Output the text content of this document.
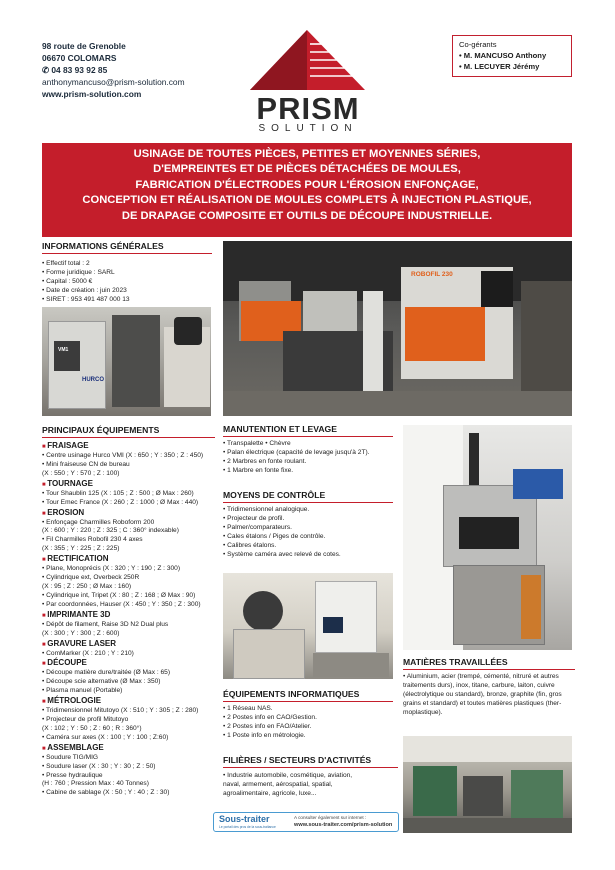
98 route de Grenoble
06670 COLOMARS
✆ 04 83 93 92 85
anthonymancuso@prism-solution.com
www.prism-solution.com	PRISM
SOLUTION
Co-gérants
• M. MANCUSO Anthony
• M. LECUYER Jérémy
USINAGE DE TOUTES PIÈCES, PETITES ET MOYENNES SÉRIES,
D'EMPREINTES ET DE PIÈCES DÉTACHÉES DE MOULES,
FABRICATION D'ÉLECTRODES POUR L'ÉROSION ENFONÇAGE,
CONCEPTION ET RÉALISATION DE MOULES COMPLETS À INJECTION PLASTIQUE,
DE DRAPAGE COMPOSITE ET OUTILS DE DÉCOUPE INDUSTRIELLE.
INFORMATIONS GÉNÉRALES
• Effectif total : 2
• Forme juridique : SARL
• Capital : 5000 €
• Date de création : juin 2023
• SIRET : 953 491 487 000 13
VM1
HURCO
ROBOFIL 230
PRINCIPAUX ÉQUIPEMENTS
■ FRAISAGE
• Centre usinage Hurco VMI (X : 650 ; Y : 350 ; Z : 450)
• Mini fraiseuse CN de bureau
(X : 550 ; Y : 570 ; Z : 100)
■ TOURNAGE
• Tour Shaublin 125 (X : 105 ; Z : 500 ; Ø Max : 260)
• Tour Emec France (X : 260 ; Z : 1000 ; Ø Max : 440)
■ EROSION
• Enfonçage Charmilles Roboform 200
(X : 600 ; Y : 220 ; Z : 325 ; C : 360° indexable)
• Fil Charmilles Robofil 230 4 axes
(X : 355 ; Y : 225 ; Z : 225)
■ RECTIFICATION
• Plane, Monoprécis (X : 320 ; Y : 190 ; Z : 300)
• Cylindrique ext, Overbeck 250R
(X : 95 ; Z : 250 ; Ø Max : 160)
• Cylindrique int, Tripet (X : 80 ; Z : 168 ; Ø Max : 90)
• Par coordonnées, Hauser (X : 450 ; Y : 350 ; Z : 300)
■ IMPRIMANTE 3D
• Dépôt de filament, Raise 3D N2 Dual plus
(X : 300 ; Y : 300 ; Z : 600)
■ GRAVURE LASER
• ComMarker (X : 210 ; Y : 210)
■ DÉCOUPE
• Découpe matière dure/traitée (Ø Max : 65)
• Découpe scie alternative (Ø Max : 350)
• Plasma manuel (Portable)
■ MÉTROLOGIE
• Tridimensionnel Mitutoyo (X : 510 ; Y : 305 ; Z : 280)
• Projecteur de profil Mitutoyo
(X : 102 ; Y : 50 ; Z : 60 ; R : 360°)
• Caméra sur axes (X : 100 ; Y : 100 ; Z:60)
■ ASSEMBLAGE
• Soudure TIG/MIG
• Soudure laser (X : 30 ; Y : 30 ; Z : 50)
• Presse hydraulique
(H : 760 ; Pression Max : 40 Tonnes)
• Cabine de sablage (X : 50 ; Y : 40 ; Z : 30)
MANUTENTION ET LEVAGE
• Transpalette • Chèvre
• Palan électrique (capacité de levage jusqu'à 2T).
• 2 Marbres en fonte roulant.
• 1 Marbre en fonte fixe.
MOYENS DE CONTRÔLE
• Tridimensionnel analogique.
• Projecteur de profil.
• Palmer/comparateurs.
• Cales étalons / Piges de contrôle.
• Calibres étalons.
• Système caméra avec relevé de cotes.
ÉQUIPEMENTS INFORMATIQUES
• 1 Réseau NAS.
• 2 Postes info en CAO/Gestion.
• 2 Postes info en FAO/Atelier.
• 1 Poste info en métrologie.
FILIÈRES / SECTEURS D'ACTIVITÉS
• Industrie automobile, cosmétique, aviation,
naval, armement, aérospatial, spatial,
agroalimentaire, agricole, luxe...
Sous-traiter
Le portail des pros de la sous-traitance
A consulter également sur internet :
www.sous-traiter.com/prism-solution
MATIÈRES TRAVAILLÉES
• Aluminium, acier (trempé, cémenté, nitruré et autres
traitements durs), inox, titane, carbure, laiton, cuivre
(électrolytique ou standard), bronze, graphite (fin, gros
grains et standard) et toutes matières plastiques (ther-
moplastique).
